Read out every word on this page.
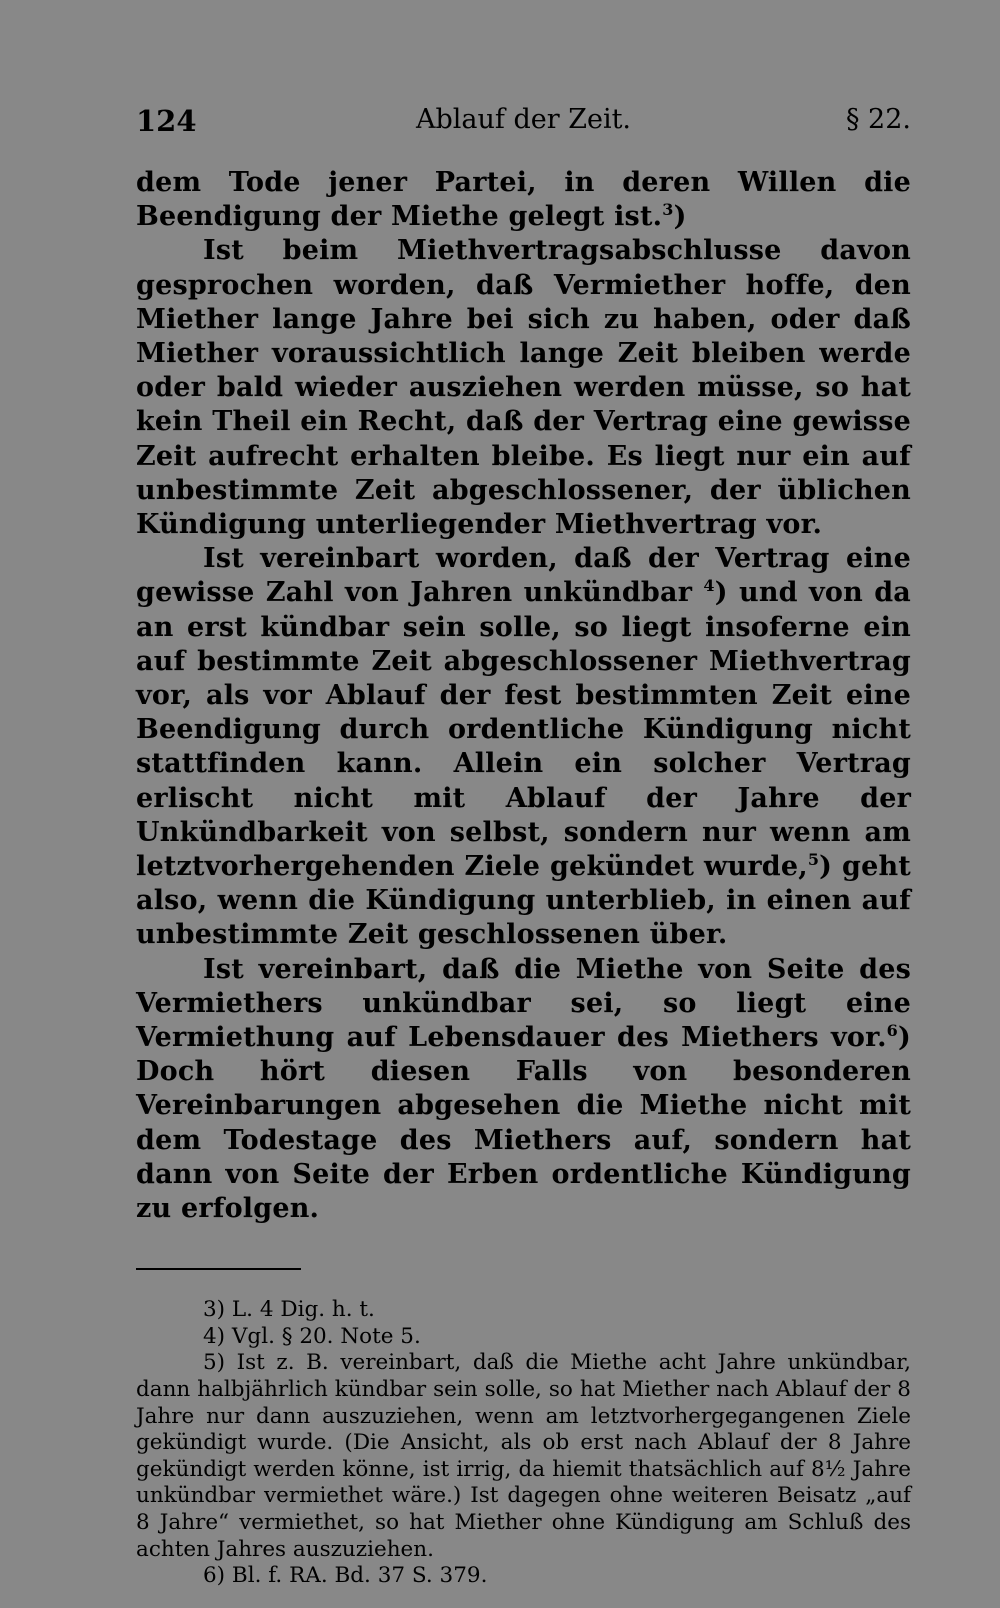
124	Ablauf der Zeit.	§ 22.

dem Tode jener Partei, in deren Willen die Beendigung der Miethe gelegt ist.$^3$)

Ist beim Miethvertragsabschlusse davon gesprochen worden, daß Vermiether hoffe, den Miether lange Jahre bei sich zu haben, oder daß Miether voraussichtlich lange Zeit bleiben werde oder bald wieder ausziehen werden müsse, so hat kein Theil ein Recht, daß der Vertrag eine gewisse Zeit aufrecht erhalten bleibe. Es liegt nur ein auf unbestimmte Zeit abgeschlossener, der üblichen Kündigung unterliegender Miethvertrag vor.

Ist vereinbart worden, daß der Vertrag eine gewisse Zahl von Jahren unkündbar $^4$) und von da an erst kündbar sein solle, so liegt insoferne ein auf bestimmte Zeit abgeschlossener Miethvertrag vor, als vor Ablauf der fest bestimmten Zeit eine Beendigung durch ordentliche Kündigung nicht stattfinden kann. Allein ein solcher Vertrag erlischt nicht mit Ablauf der Jahre der Unkündbarkeit von selbst, sondern nur wenn am letztvorhergehenden Ziele gekündet wurde,$^5$) geht also, wenn die Kündigung unterblieb, in einen auf unbestimmte Zeit geschlossenen über.

Ist vereinbart, daß die Miethe von Seite des Vermiethers unkündbar sei, so liegt eine Vermiethung auf Lebensdauer des Miethers vor.$^6$) Doch hört diesen Falls von besonderen Vereinbarungen abgesehen die Miethe nicht mit dem Todestage des Miethers auf, sondern hat dann von Seite der Erben ordentliche Kündigung zu erfolgen.

3) L. 4 Dig. h. t.

4) Vgl. § 20. Note 5.

5) Ist z. B. vereinbart, daß die Miethe acht Jahre unkündbar, dann halbjährlich kündbar sein solle, so hat Miether nach Ablauf der 8 Jahre nur dann auszuziehen, wenn am letztvorhergegangenen Ziele gekündigt wurde. (Die Ansicht, als ob erst nach Ablauf der 8 Jahre gekündigt werden könne, ist irrig, da hiemit thatsächlich auf 8½ Jahre unkündbar vermiethet wäre.) Ist dagegen ohne weiteren Beisatz „auf 8 Jahre“ vermiethet, so hat Miether ohne Kündigung am Schluß des achten Jahres auszuziehen.

6) Bl. f. RA. Bd. 37 S. 379.
